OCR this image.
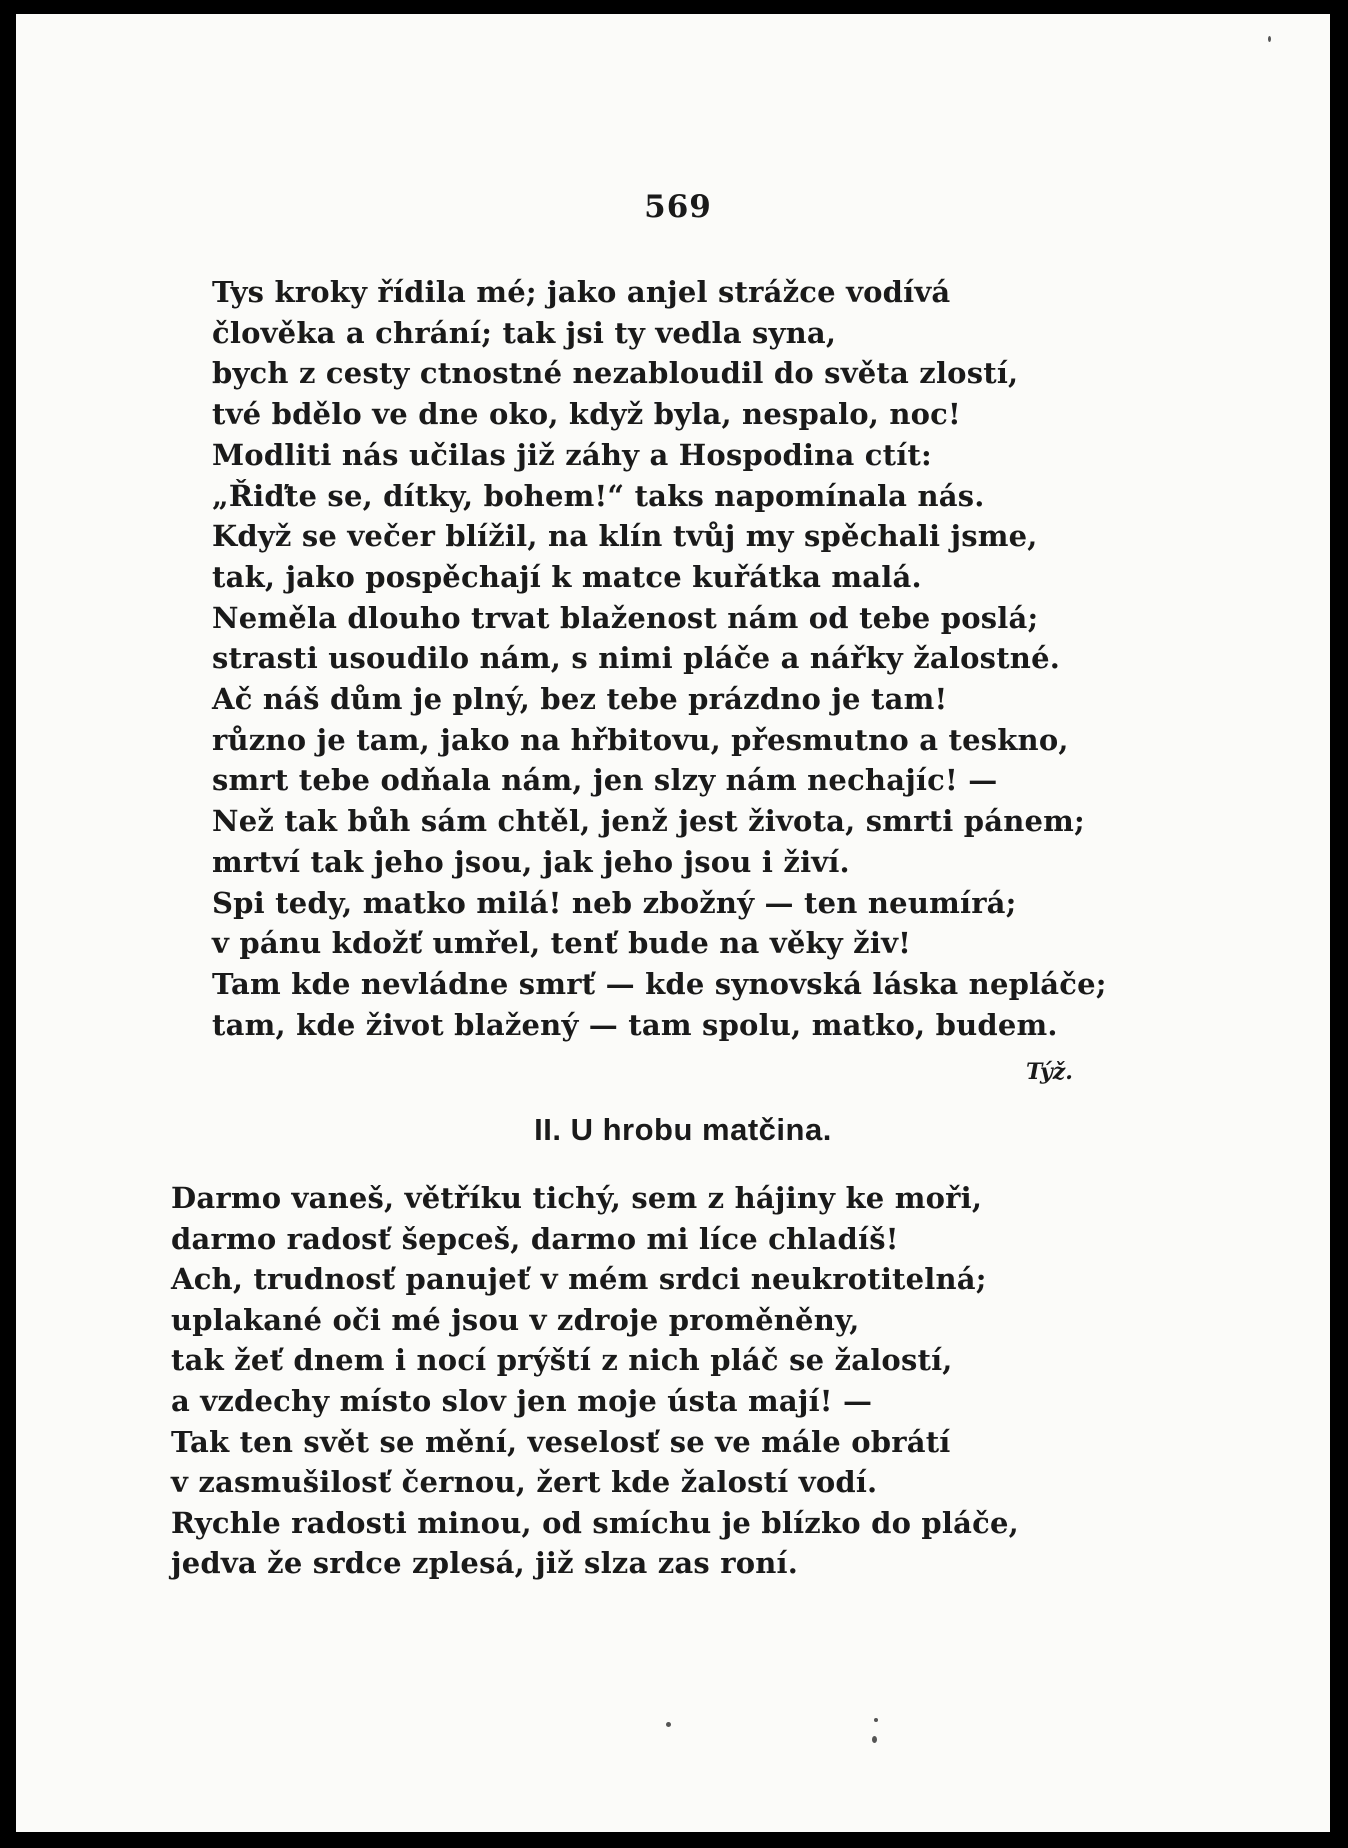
569
Tys kroky řídila mé; jako anjel strážce vodívá
člověka a chrání; tak jsi ty vedla syna,
bych z cesty ctnostné nezabloudil do světa zlostí,
tvé bdělo ve dne oko, když byla, nespalo, noc!
Modliti nás učilas již záhy a Hospodina ctít:
„Řiďte se, dítky, bohem!“ taks napomínala nás.
Když se večer blížil, na klín tvůj my spěchali jsme,
tak, jako pospěchají k matce kuřátka malá.
Neměla dlouho trvat blaženost nám od tebe poslá;
strasti usoudilo nám, s nimi pláče a nářky žalostné.
Ač náš dům je plný, bez tebe prázdno je tam!
různo je tam, jako na hřbitovu, přesmutno a teskno,
smrt tebe odňala nám, jen slzy nám nechajíc! —
Než tak bůh sám chtěl, jenž jest života, smrti pánem;
mrtví tak jeho jsou, jak jeho jsou i živí.
Spi tedy, matko milá! neb zbožný — ten neumírá;
v pánu kdožť umřel, tenť bude na věky živ!
Tam kde nevládne smrť — kde synovská láska nepláče;
tam, kde život blažený — tam spolu, matko, budem.
Týž.
II. U hrobu matčina.
Darmo vaneš, větříku tichý, sem z hájiny ke moři,
darmo radosť šepceš, darmo mi líce chladíš!
Ach, trudnosť panujeť v mém srdci neukrotitelná;
uplakané oči mé jsou v zdroje proměněny,
tak žeť dnem i nocí prýští z nich pláč se žalostí,
a vzdechy místo slov jen moje ústa mají! —
Tak ten svět se mění, veselosť se ve mále obrátí
v zasmušilosť černou, žert kde žalostí vodí.
Rychle radosti minou, od smíchu je blízko do pláče,
jedva že srdce zplesá, již slza zas roní.
